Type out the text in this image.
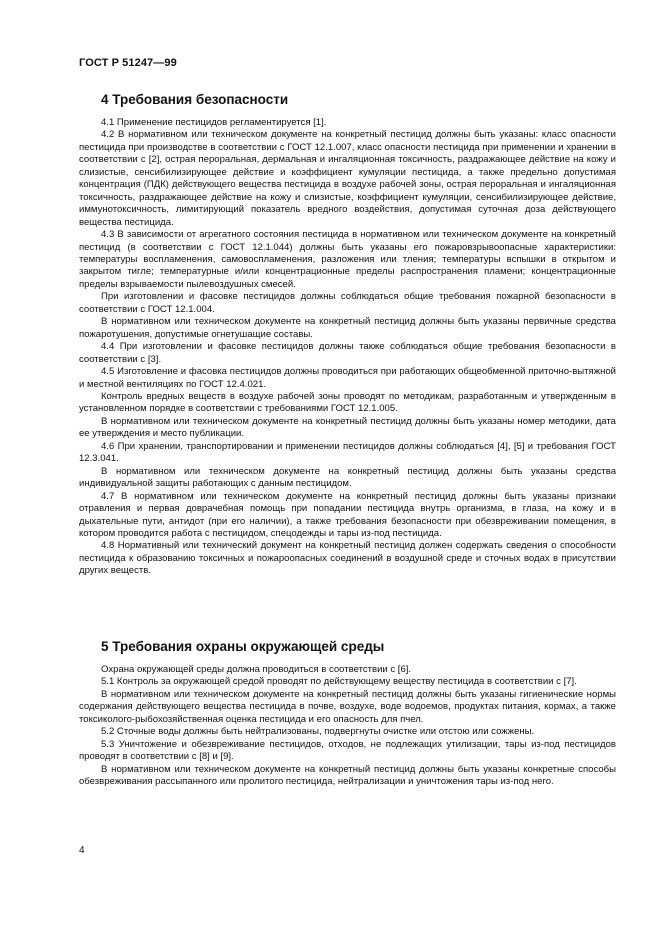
ГОСТ Р 51247—99
4 Требования безопасности

4.1 Применение пестицидов регламентируется [1].

4.2 В нормативном или техническом документе на конкретный пестицид должны быть указаны: класс опасности пестицида при производстве в соответствии с ГОСТ 12.1.007, класс опасности пестицида при применении и хранении в соответствии с [2], острая пероральная, дермальная и ингаляционная токсичность, раздражающее действие на кожу и слизистые, сенсибилизирующее действие и коэффициент кумуляции пестицида, а также предельно допустимая концентрация (ПДК) действующего вещества пестицида в воздухе рабочей зоны, острая пероральная и ингаляционная токсичность, раздражающее действие на кожу и слизистые, коэффициент кумуляции, сенсибилизирующее действие, иммунотоксичность, лимитирующий показатель вредного воздействия, допустимая суточная доза действующего вещества пестицида.

4.3 В зависимости от агрегатного состояния пестицида в нормативном или техническом документе на конкретный пестицид (в соответствии с ГОСТ 12.1.044) должны быть указаны его пожаровзрывоопасные характеристики: температуры воспламенения, самовоспламенения, разложения или тления; температуры вспышки в открытом и закрытом тигле; температурные и/или концентрационные пределы распространения пламени; концентрационные пределы взрываемости пылевоздушных смесей.

При изготовлении и фасовке пестицидов должны соблюдаться общие требования пожарной безопасности в соответствии с ГОСТ 12.1.004.

В нормативном или техническом документе на конкретный пестицид должны быть указаны первичные средства пожаротушения, допустимые огнетушащие составы.

4.4 При изготовлении и фасовке пестицидов должны также соблюдаться общие требования безопасности в соответствии с [3].

4.5 Изготовление и фасовка пестицидов должны проводиться при работающих общеобменной приточно-вытяжной и местной вентиляциях по ГОСТ 12.4.021.

Контроль вредных веществ в воздухе рабочей зоны проводят по методикам, разработанным и утвержденным в установленном порядке в соответствии с требованиями ГОСТ 12.1.005.

В нормативном или техническом документе на конкретный пестицид должны быть указаны номер методики, дата ее утверждения и место публикации.

4.6 При хранении, транспортировании и применении пестицидов должны соблюдаться [4], [5] и требования ГОСТ 12.3.041.

В нормативном или техническом документе на конкретный пестицид должны быть указаны средства индивидуальной защиты работающих с данным пестицидом.

4.7 В нормативном или техническом документе на конкретный пестицид должны быть указаны признаки отравления и первая доврачебная помощь при попадании пестицида внутрь организма, в глаза, на кожу и в дыхательные пути, антидот (при его наличии), а также требования безопасности при обезвреживании помещения, в котором проводится работа с пестицидом, спецодежды и тары из-под пестицида.

4.8 Нормативный или технический документ на конкретный пестицид должен содержать сведения о способности пестицида к образованию токсичных и пожароопасных соединений в воздушной среде и сточных водах в присутствии других веществ.

5 Требования охраны окружающей среды

Охрана окружающей среды должна проводиться в соответствии с [6].

5.1 Контроль за окружающей средой проводят по действующему веществу пестицида в соответствии с [7].

В нормативном или техническом документе на конкретный пестицид должны быть указаны гигиенические нормы содержания действующего вещества пестицида в почве, воздухе, воде водоемов, продуктах питания, кормах, а также токсиколого-рыбохозяйственная оценка пестицида и его опасность для пчел.

5.2 Сточные воды должны быть нейтрализованы, подвергнуты очистке или отстою или сожжены.

5.3 Уничтожение и обезвреживание пестицидов, отходов, не подлежащих утилизации, тары из-под пестицидов проводят в соответствии с [8] и [9].

В нормативном или техническом документе на конкретный пестицид должны быть указаны конкретные способы обезвреживания рассыпанного или пролитого пестицида, нейтрализации и уничтожения тары из-под него.

4
